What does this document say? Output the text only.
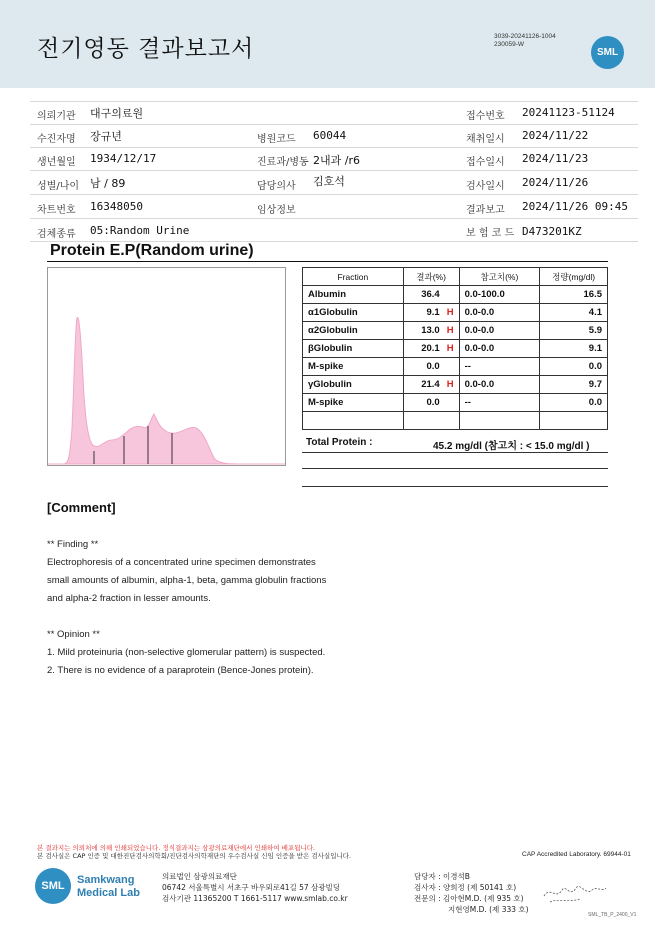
전기영동 결과보고서	3039-20241126-1004
230059-W
SML
의뢰기관 대구의료원	접수번호 20241123-51124
수진자명 장규년	병원코드 60044	채취일시 2024/11/22
생년월일 1934/12/17	진료과/병동 2내과 /r6	접수일시 2024/11/23
성별/나이 남 / 89	담당의사 김호석	검사일시 2024/11/26
차트번호 16348050	임상정보	결과보고 2024/11/26 09:45
검체종류 05:Random Urine	보 험 코 드 D473201KZ
Protein E.P(Random urine)
Fraction	결과(%)	참고치(%)	정량(mg/dl)
Albumin	36.4	0.0-100.0	16.5
α1Globulin	9.1 H	0.0-0.0	4.1
α2Globulin	13.0 H	0.0-0.0	5.9
βGlobulin	20.1 H	0.0-0.0	9.1
M-spike	0.0	--	0.0
γGlobulin	21.4 H	0.0-0.0	9.7
M-spike	0.0	--	0.0

Total Protein :	45.2 mg/dl (참고치 : < 15.0 mg/dl )
[Comment]
** Finding **
Electrophoresis of a concentrated urine specimen demonstrates
small amounts of albumin, alpha-1, beta, gamma globulin fractions
and alpha-2 fraction in lesser amounts.
** Opinion **
1. Mild proteinuria (non-selective glomerular pattern) is suspected.
2. There is no evidence of a paraprotein (Bence-Jones protein).
본 결과지는 의뢰처에 의해 인쇄되었습니다. 정식결과지는 삼광의료재단에서 인쇄하여 배포됩니다.
본 검사실은 CAP 인증 및 대한진단검사의학회/진단검사의학재단의 우수검사실 신임 인증을 받은 검사실입니다.	CAP Accredited Laboratory. 69944-01
SML	Samkwang
Medical Lab
의료법인 삼광의료재단
06742 서울특별시 서초구 바우뫼로41길 57 삼광빌딩
검사기관 11365200 T 1661-5117 www.smlab.co.kr
담당자 : 이경석B
검사자 : 양희정 (제 50141 호)
전문의 : 김아현M.D. (제 935 호)
지현영M.D. (제 333 호)
SML_TB_P_2400_V1
